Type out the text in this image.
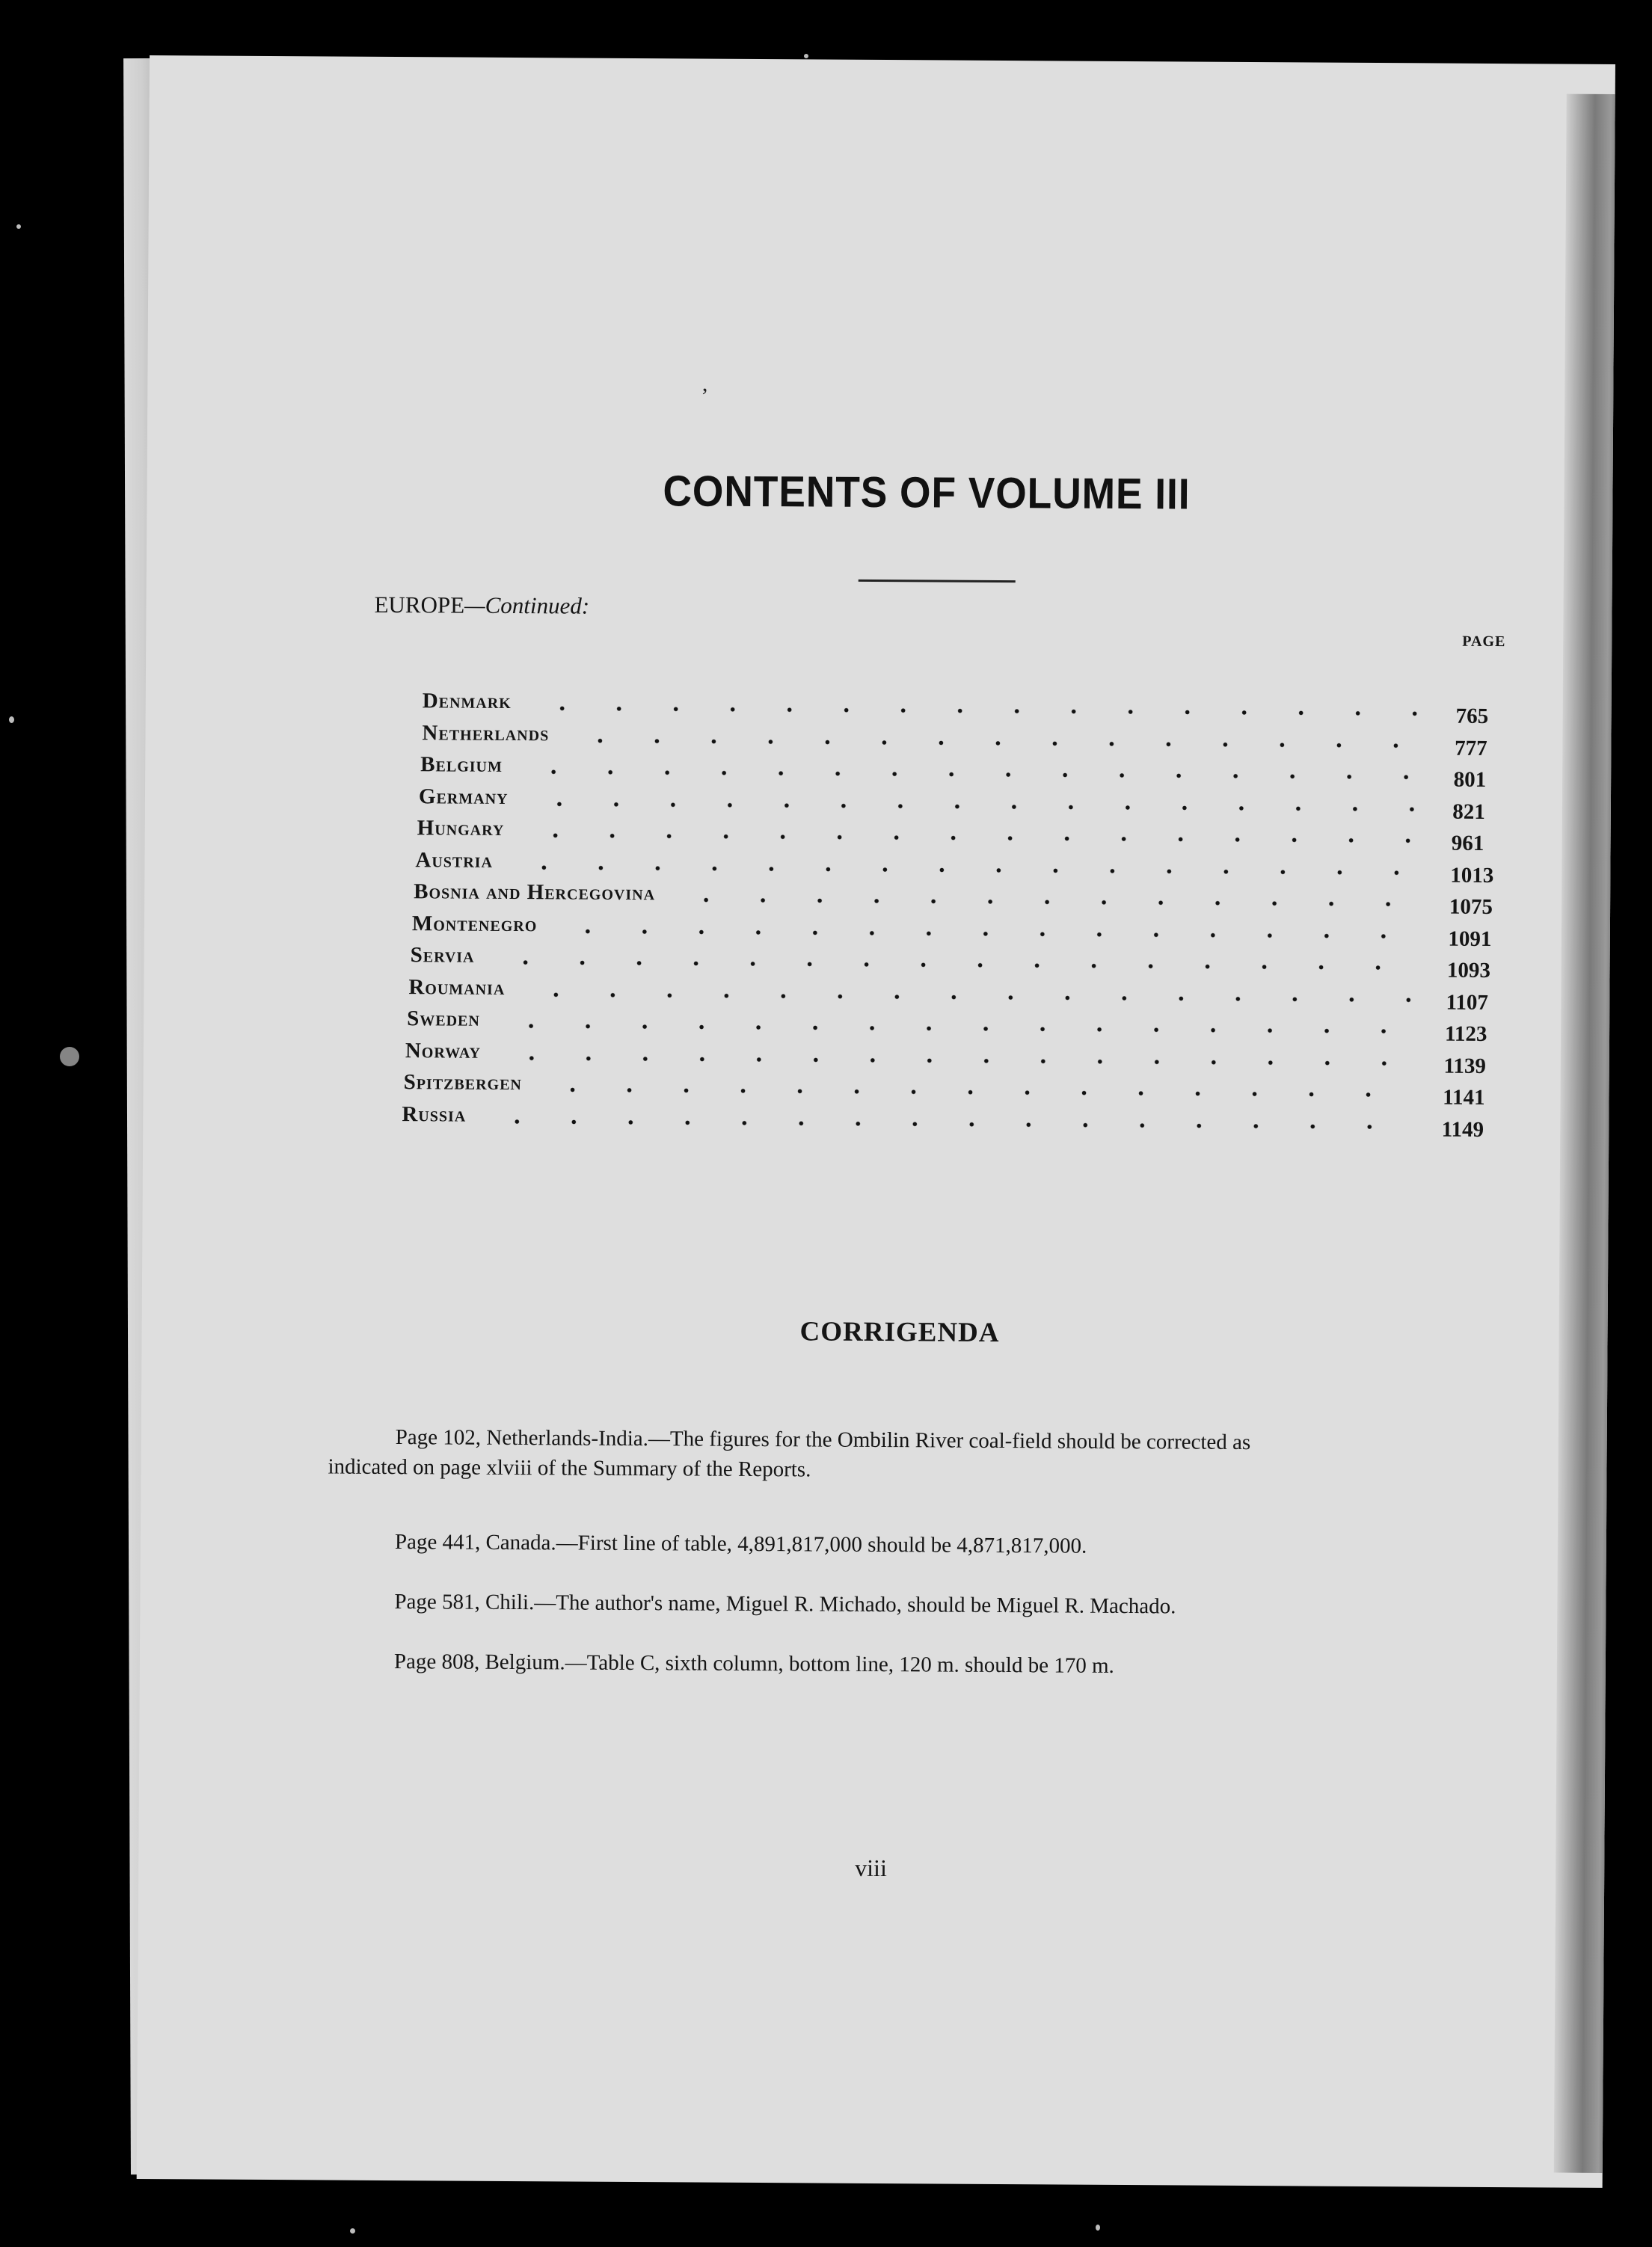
ʼ
CONTENTS OF VOLUME III
EUROPE—Continued:
PAGE
Denmark
765
Netherlands
777
Belgium
801
Germany
821
Hungary
961
Austria
1013
Bosnia and Hercegovina
1075
Montenegro
1091
Servia
1093
Roumania
1107
Sweden
1123
Norway
1139
Spitzbergen
1141
Russia
1149
CORRIGENDA
Page 102, Netherlands-India.—The figures for the Ombilin River coal-field should be corrected as
indicated on page xlviii of the Summary of the Reports.
Page 441, Canada.—First line of table, 4,891,817,000 should be 4,871,817,000.
Page 581, Chili.—The author's name, Miguel R. Michado, should be Miguel R. Machado.
Page 808, Belgium.—Table C, sixth column, bottom line, 120 m. should be 170 m.
viii
